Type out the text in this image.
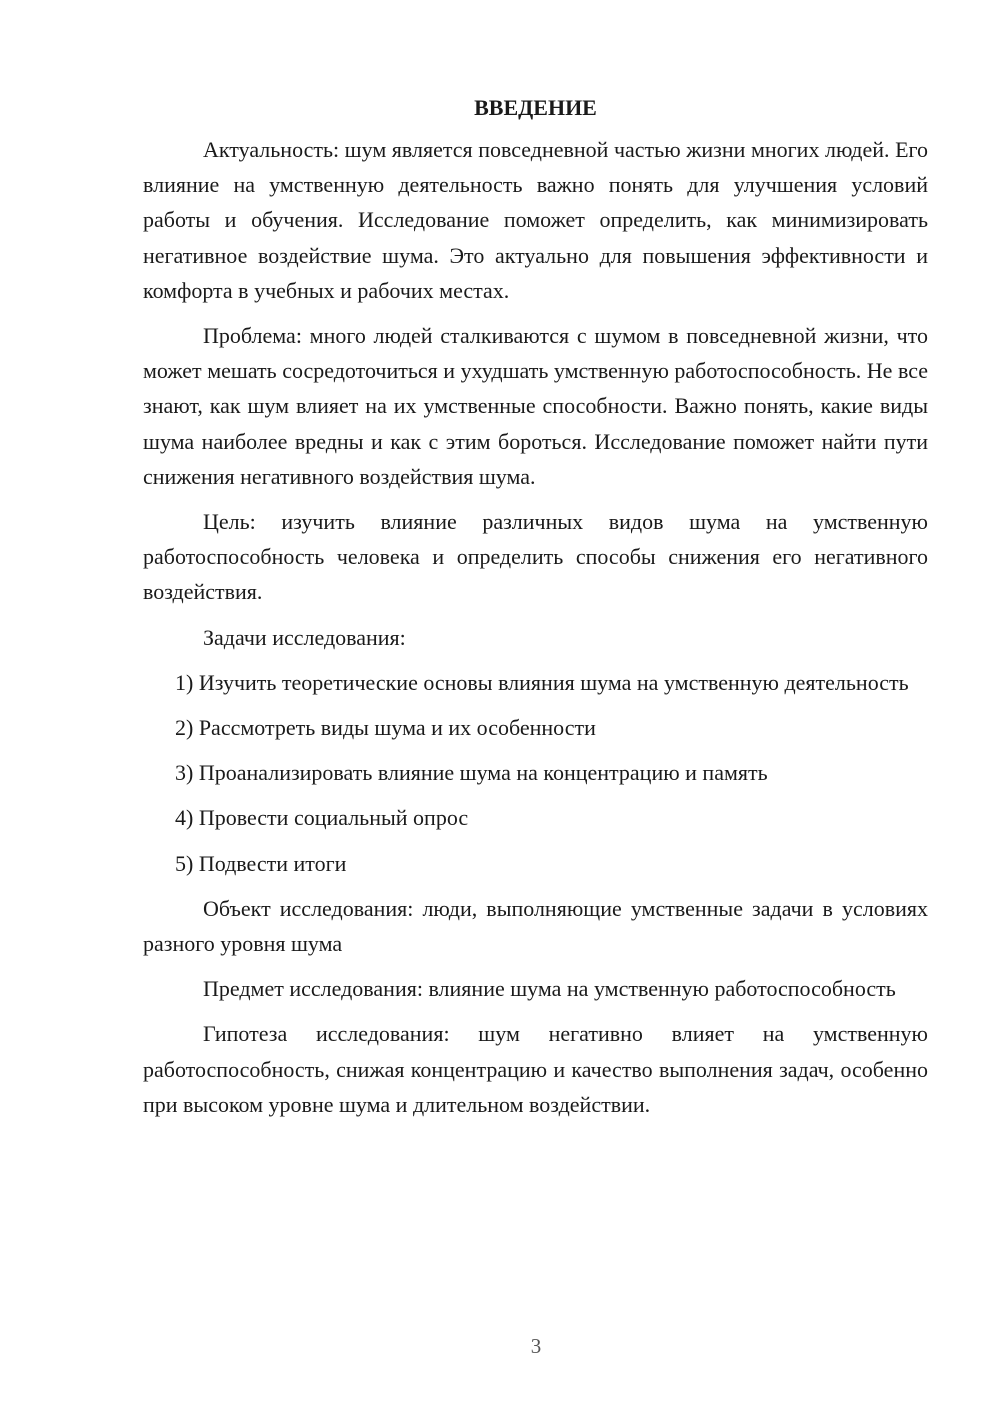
ВВЕДЕНИЕ

Актуальность: шум является повседневной частью жизни многих людей. Его влияние на умственную деятельность важно понять для улучшения условий работы и обучения. Исследование поможет определить, как минимизировать негативное воздействие шума. Это актуально для повышения эффективности и комфорта в учебных и рабочих местах.

Проблема: много людей сталкиваются с шумом в повседневной жизни, что может мешать сосредоточиться и ухудшать умственную работоспособность. Не все знают, как шум влияет на их умственные способности. Важно понять, какие виды шума наиболее вредны и как с этим бороться. Исследование поможет найти пути снижения негативного воздействия шума.

Цель: изучить влияние различных видов шума на умственную работоспособность человека и определить способы снижения его негативного воздействия.

Задачи исследования:

1) Изучить теоретические основы влияния шума на умственную деятельность

2) Рассмотреть виды шума и их особенности

3) Проанализировать влияние шума на концентрацию и память

4) Провести социальный опрос

5) Подвести итоги

Объект исследования: люди, выполняющие умственные задачи в условиях разного уровня шума

Предмет исследования: влияние шума на умственную работоспособность

Гипотеза исследования: шум негативно влияет на умственную работоспособность, снижая концентрацию и качество выполнения задач, особенно при высоком уровне шума и длительном воздействии.

3
